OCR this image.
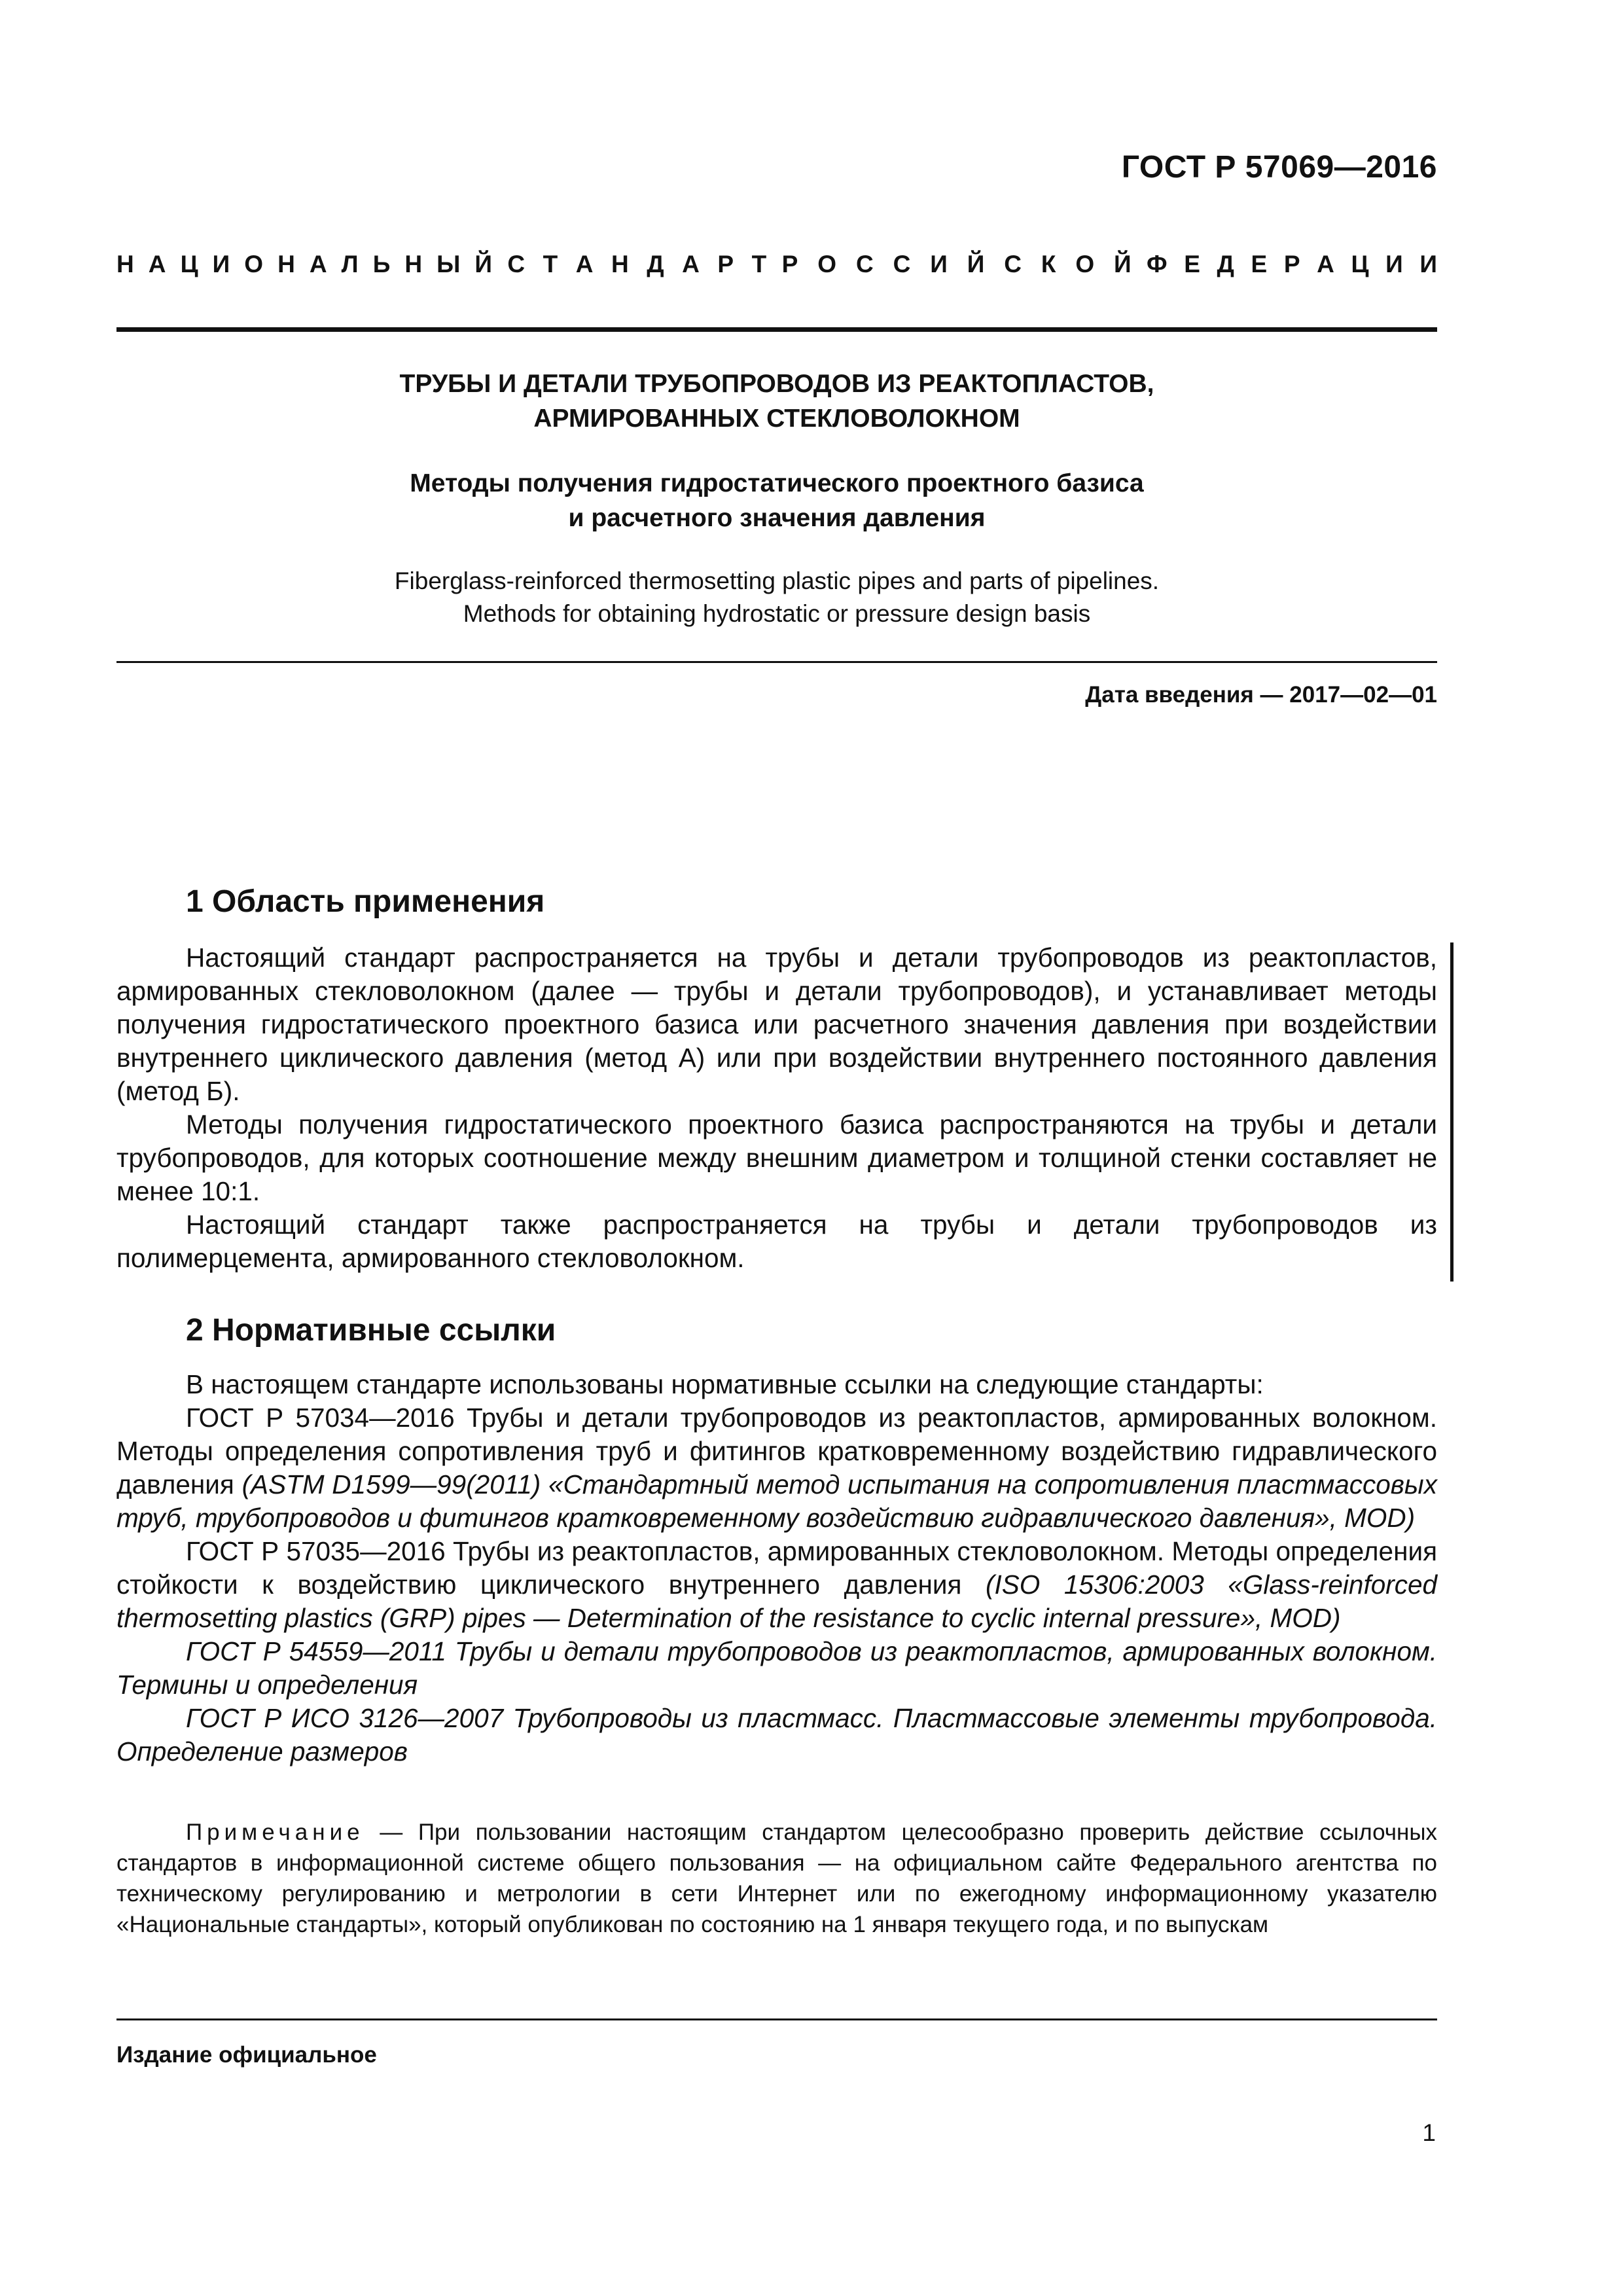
ГОСТ Р 57069—2016
Н А Ц И О Н А Л Ь Н Ы Й С Т А Н Д А Р Т Р О С С И Й С К О Й Ф Е Д Е Р А Ц И И
ТРУБЫ И ДЕТАЛИ ТРУБОПРОВОДОВ ИЗ РЕАКТОПЛАСТОВ,
АРМИРОВАННЫХ СТЕКЛОВОЛОКНОМ
Методы получения гидростатического проектного базиса
и расчетного значения давления
Fiberglass-reinforced thermosetting plastic pipes and parts of pipelines.
Methods for obtaining hydrostatic or pressure design basis
Дата введения — 2017—02—01
1 Область применения

Настоящий стандарт распространяется на трубы и детали трубопроводов из реактопластов, армированных стекловолокном (далее — трубы и детали трубопроводов), и устанавливает методы получения гидростатического проектного базиса или расчетного значения давления при воздействии внутреннего циклического давления (метод А) или при воздействии внутреннего постоянного давления (метод Б).

Методы получения гидростатического проектного базиса распространяются на трубы и детали трубопроводов, для которых соотношение между внешним диаметром и толщиной стенки составляет не менее 10:1.

Настоящий стандарт также распространяется на трубы и детали трубопроводов из полимерцемента, армированного стекловолокном.

2 Нормативные ссылки

В настоящем стандарте использованы нормативные ссылки на следующие стандарты:

ГОСТ Р 57034—2016 Трубы и детали трубопроводов из реактопластов, армированных волокном. Методы определения сопротивления труб и фитингов кратковременному воздействию гидравлического давления (ASTM D1599—99(2011) «Стандартный метод испытания на сопротивления пластмассовых труб, трубопроводов и фитингов кратковременному воздействию гидравлического давления», MOD)

ГОСТ Р 57035—2016 Трубы из реактопластов, армированных стекловолокном. Методы определения стойкости к воздействию циклического внутреннего давления (ISO 15306:2003 «Glass-reinforced thermosetting plastics (GRP) pipes — Determination of the resistance to cyclic internal pressure», MOD)

ГОСТ Р 54559—2011 Трубы и детали трубопроводов из реактопластов, армированных волокном. Термины и определения

ГОСТ Р ИСО 3126—2007 Трубопроводы из пластмасс. Пластмассовые элементы трубопровода. Определение размеров

Примечание — При пользовании настоящим стандартом целесообразно проверить действие ссылочных стандартов в информационной системе общего пользования — на официальном сайте Федерального агентства по техническому регулированию и метрологии в сети Интернет или по ежегодному информационному указателю «Национальные стандарты», который опубликован по состоянию на 1 января текущего года, и по выпускам

Издание официальное
1
